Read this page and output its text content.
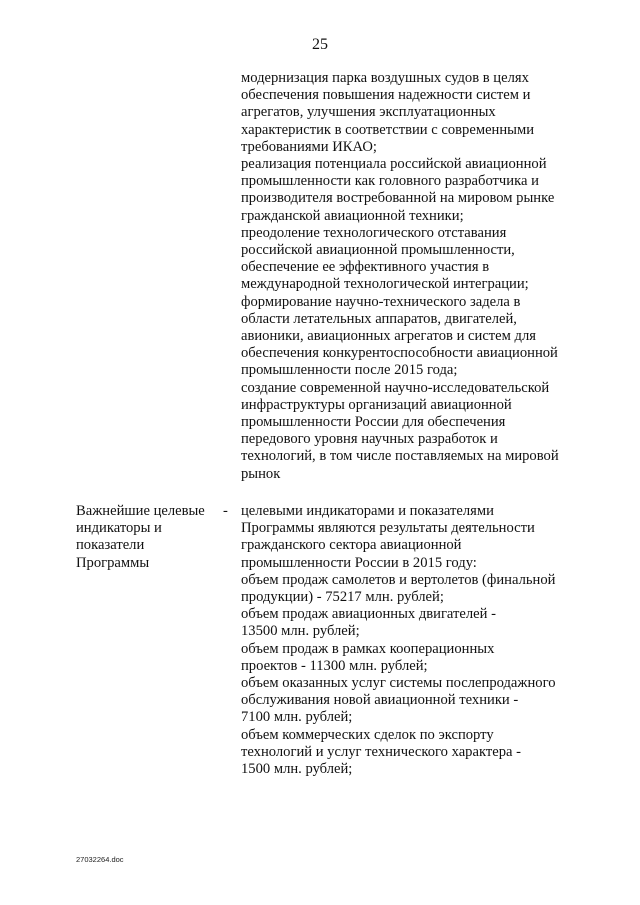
25
модернизация парка воздушных судов в целях
обеспечения повышения надежности систем и
агрегатов, улучшения эксплуатационных
характеристик в соответствии с современными
требованиями ИКАО;
реализация потенциала российской авиационной
промышленности как головного разработчика и
производителя востребованной на мировом рынке
гражданской авиационной техники;
преодоление технологического отставания
российской авиационной промышленности,
обеспечение ее эффективного участия в
международной технологической интеграции;
формирование научно-технического задела в
области летательных аппаратов, двигателей,
авионики, авиационных агрегатов и систем для
обеспечения конкурентоспособности авиационной
промышленности после 2015 года;
создание современной научно-исследовательской
инфраструктуры организаций авиационной
промышленности России для обеспечения
передового уровня научных разработок и
технологий, в том числе поставляемых на мировой
рынок
Важнейшие целевые
индикаторы и
показатели
Программы
- целевыми индикаторами и показателями
Программы являются результаты деятельности
гражданского сектора авиационной
промышленности России в 2015 году:
объем продаж самолетов и вертолетов (финальной
продукции) - 75217 млн. рублей;
объем продаж авиационных двигателей -
13500 млн. рублей;
объем продаж в рамках кооперационных
проектов - 11300 млн. рублей;
объем оказанных услуг системы послепродажного
обслуживания новой авиационной техники -
7100 млн. рублей;
объем коммерческих сделок по экспорту
технологий и услуг технического характера -
1500 млн. рублей;
27032264.doc
